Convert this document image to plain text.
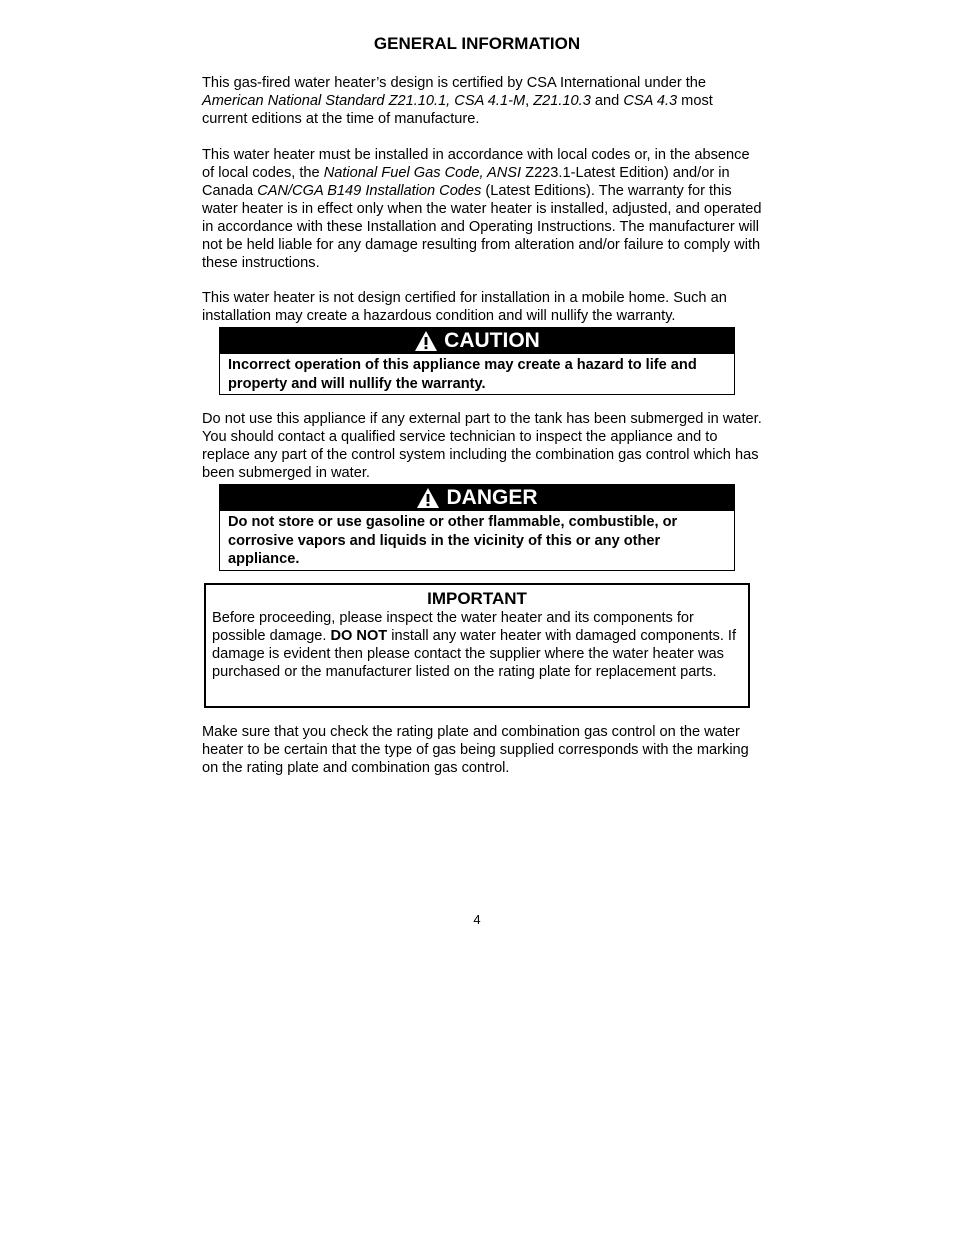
GENERAL INFORMATION

This gas-fired water heater’s design is certified by CSA International under the American National Standard Z21.10.1, CSA 4.1-M, Z21.10.3 and CSA 4.3 most current editions at the time of manufacture.

This water heater must be installed in accordance with local codes or, in the absence of local codes, the National Fuel Gas Code, ANSI Z223.1-Latest Edition) and/or in Canada CAN/CGA B149 Installation Codes (Latest Editions). The warranty for this water heater is in effect only when the water heater is installed, adjusted, and operated in accordance with these Installation and Operating Instructions. The manufacturer will not be held liable for any damage resulting from alteration and/or failure to comply with these instructions.

This water heater is not design certified for installation in a mobile home. Such an installation may create a hazardous condition and will nullify the warranty.

CAUTION
Incorrect operation of this appliance may create a hazard to life and property and will nullify the warranty.

Do not use this appliance if any external part to the tank has been submerged in water. You should contact a qualified service technician to inspect the appliance and to replace any part of the control system including the combination gas control which has been submerged in water.

DANGER
Do not store or use gasoline or other flammable, combustible, or corrosive vapors and liquids in the vicinity of this or any other appliance.
IMPORTANT
Before proceeding, please inspect the water heater and its components for possible damage. DO NOT install any water heater with damaged components. If damage is evident then please contact the supplier where the water heater was purchased or the manufacturer listed on the rating plate for replacement parts.

Make sure that you check the rating plate and combination gas control on the water heater to be certain that the type of gas being supplied corresponds with the marking on the rating plate and combination gas control.

4
